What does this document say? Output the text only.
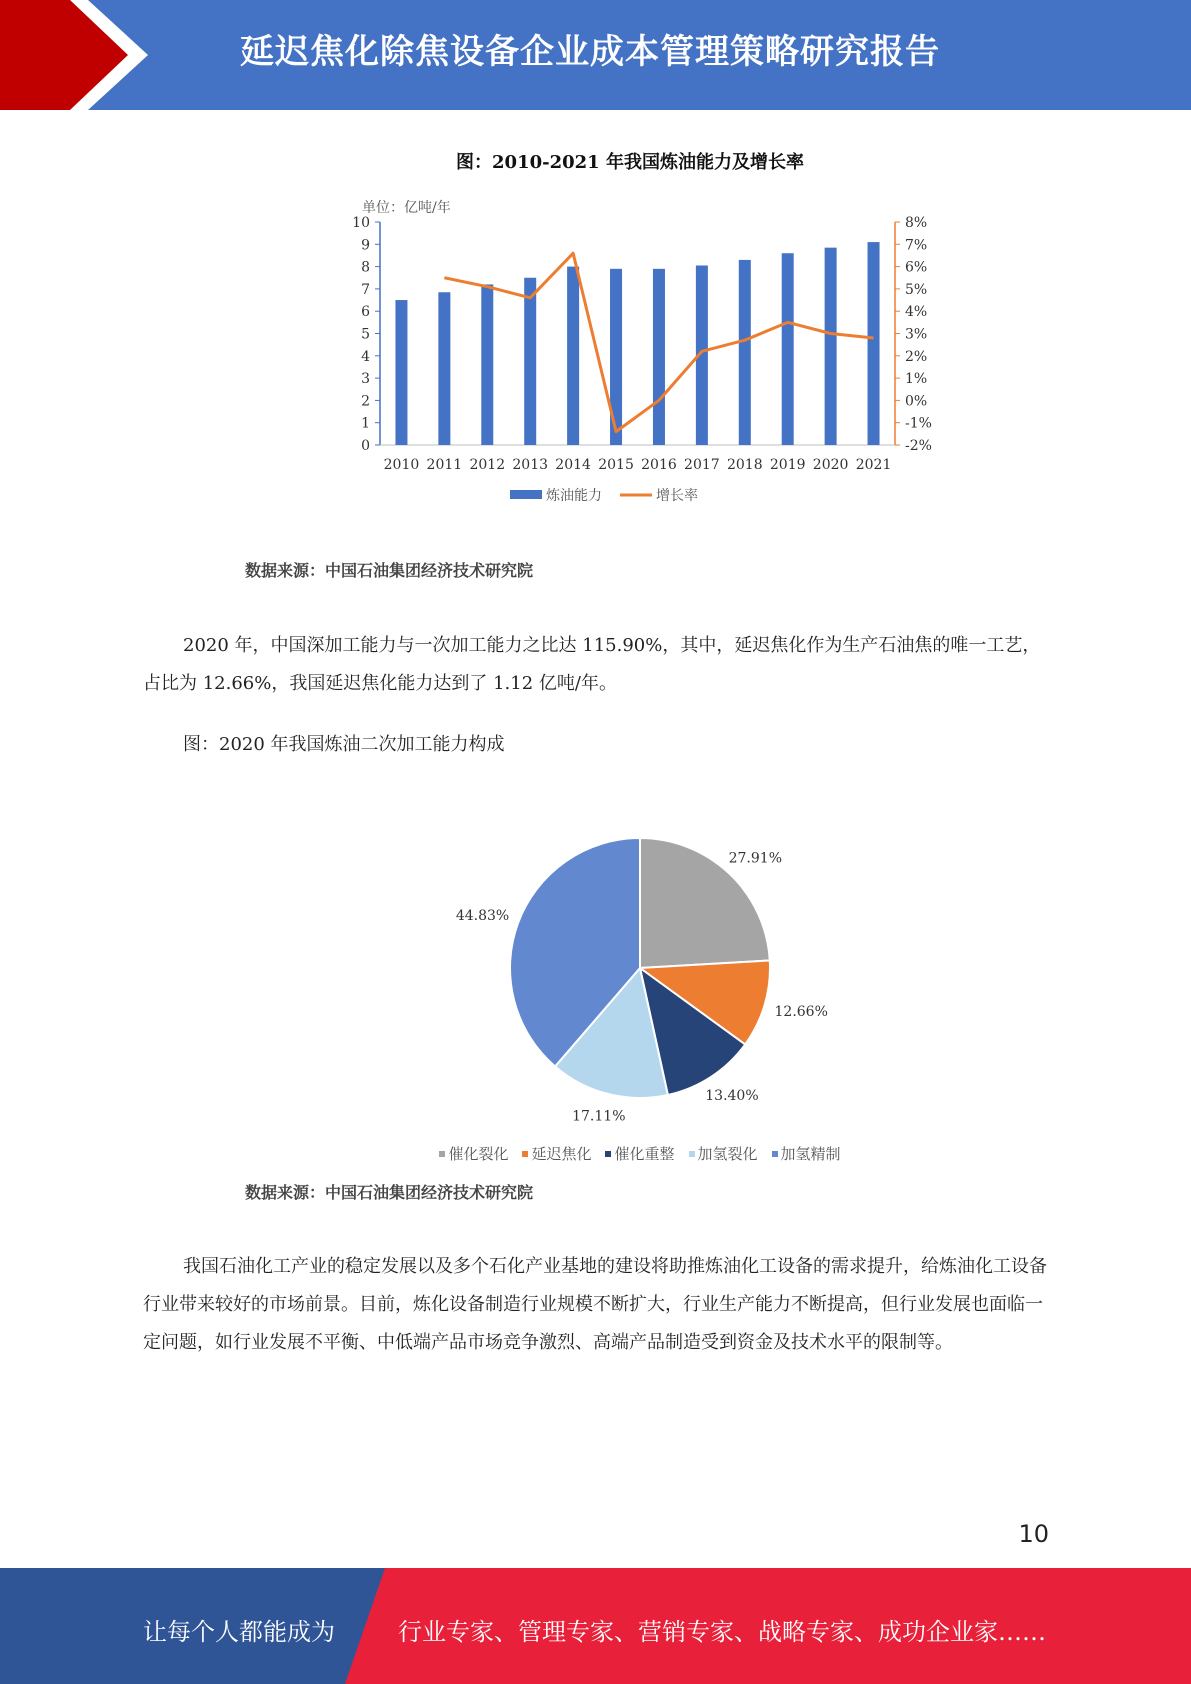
延迟焦化除焦设备企业成本管理策略研究报告
图：2010-2021 年我国炼油能力及增长率
单位：亿吨/年
0
1
2
3
4
5
6
7
8
9
10
-2%
-1%
0%
1%
2%
3%
4%
5%
6%
7%
8%
2010 2011 2012 2013 2014 2015 2016 2017 2018 2019 2020 2021
炼油能力	增长率
数据来源：中国石油集团经济技术研究院

2020 年，中国深加工能力与一次加工能力之比达 115.90%，其中，延迟焦化作为生产石油焦的唯一工艺，占比为 12.66%，我国延迟焦化能力达到了 1.12 亿吨/年。

图：2020 年我国炼油二次加工能力构成
27.91%
12.66%
13.40%
17.11%
44.83%
催化裂化 延迟焦化 催化重整 加氢裂化 加氢精制
数据来源：中国石油集团经济技术研究院

我国石油化工产业的稳定发展以及多个石化产业基地的建设将助推炼油化工设备的需求提升，给炼油化工设备行业带来较好的市场前景。目前，炼化设备制造行业规模不断扩大，行业生产能力不断提高，但行业发展也面临一定问题，如行业发展不平衡、中低端产品市场竞争激烈、高端产品制造受到资金及技术水平的限制等。

10
让每个人都能成为	行业专家、管理专家、营销专家、战略专家、成功企业家……
